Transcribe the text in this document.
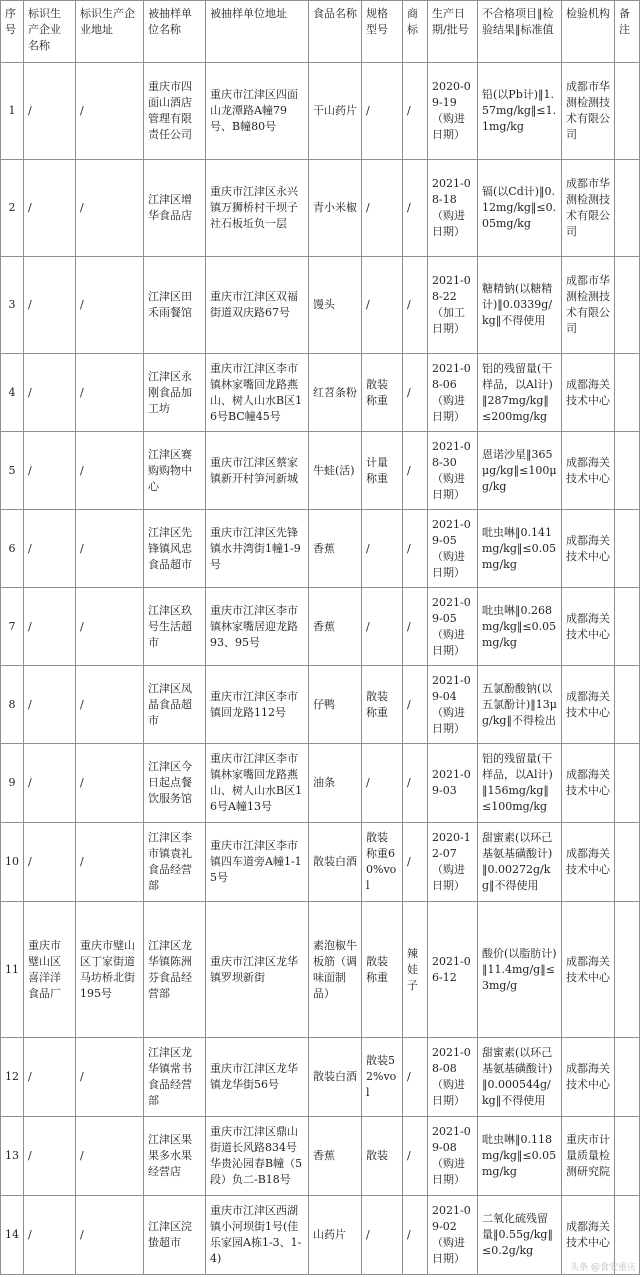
序号	标识生产企业名称	标识生产企业地址	被抽样单位名称	被抽样单位地址	食品名称	规格型号	商标	生产日期/批号	不合格项目‖检验结果‖标准值	检验机构	备注
1	/	/	重庆市四面山酒店管理有限责任公司	重庆市江津区四面山龙潭路A幢79号、B幢80号	干山药片	/	/	2020-09-19（购进日期）	铅(以Pb计)‖1.57mg/kg‖≤1.1mg/kg	成都市华测检测技术有限公司	
2	/	/	江津区增华食品店	重庆市江津区永兴镇万狮桥村干坝子社石板坵负一层	青小米椒	/	/	2021-08-18（购进日期）	镉(以Cd计)‖0.12mg/kg‖≤0.05mg/kg	成都市华测检测技术有限公司	
3	/	/	江津区田禾雨餐馆	重庆市江津区双福街道双庆路67号	馒头	/	/	2021-08-22（加工日期）	糖精钠(以糖精计)‖0.0339g/kg‖不得使用	成都市华测检测技术有限公司	
4	/	/	江津区永刚食品加工坊	重庆市江津区李市镇林家嘴回龙路燕山、树人山水B区16号BC幢45号	红苕条粉	散装称重	/	2021-08-06（购进日期）	铝的残留量(干样品，以Al计)‖287mg/kg‖≤200mg/kg	成都海关技术中心	
5	/	/	江津区赛购购物中心	重庆市江津区蔡家镇新开村笋河新城	牛蛙(活)	计量称重	/	2021-08-30（购进日期）	恩诺沙星‖365μg/kg‖≤100μg/kg	成都海关技术中心	
6	/	/	江津区先锋镇风忠食品超市	重庆市江津区先锋镇水井湾街1幢1-9号	香蕉	/	/	2021-09-05（购进日期）	吡虫啉‖0.141mg/kg‖≤0.05mg/kg	成都海关技术中心	
7	/	/	江津区玖号生活超市	重庆市江津区李市镇林家嘴居迎龙路93、95号	香蕉	/	/	2021-09-05（购进日期）	吡虫啉‖0.268mg/kg‖≤0.05mg/kg	成都海关技术中心	
8	/	/	江津区凤晶食品超市	重庆市江津区李市镇回龙路112号	仔鸭	散装称重	/	2021-09-04（购进日期）	五氯酚酸钠(以五氯酚计)‖13μg/kg‖不得检出	成都海关技术中心	
9	/	/	江津区今日起点餐饮服务馆	重庆市江津区李市镇林家嘴回龙路燕山、树人山水B区16号A幢13号	油条	/	/	2021-09-03	铝的残留量(干样品，以Al计)‖156mg/kg‖≤100mg/kg	成都海关技术中心	
10	/	/	江津区李市镇袁礼食品经营部	重庆市江津区李市镇四车道旁A幢1-15号	散装白酒	散装称重60%vol	/	2020-12-07（购进日期）	甜蜜素(以环己基氨基磺酸计)‖0.00272g/kg‖不得使用	成都海关技术中心	
11	重庆市璧山区喜洋洋食品厂	重庆市璧山区丁家街道马坊桥北街195号	江津区龙华镇陈洲芬食品经营部	重庆市江津区龙华镇罗坝新街	素泡椒牛板筋（调味面制品）	散装称重	辣娃子	2021-06-12	酸价(以脂肪计)‖11.4mg/g‖≤3mg/g	成都海关技术中心	
12	/	/	江津区龙华镇常书食品经营部	重庆市江津区龙华镇龙华街56号	散装白酒	散装52%vol	/	2021-08-08（购进日期）	甜蜜素(以环己基氨基磺酸计)‖0.000544g/kg‖不得使用	成都海关技术中心	
13	/	/	江津区果果多水果经营店	重庆市江津区鼎山街道长风路834号华贵沁园春B幢（5段）负二-B18号	香蕉	散装	/	2021-09-08（购进日期）	吡虫啉‖0.118mg/kg‖≤0.05mg/kg	重庆市计量质量检测研究院	
14	/	/	江津区浣蛰超市	重庆市江津区西湖镇小河坝街1号(佳乐家园A栋1-3、1-4)	山药片	/	/	2021-09-02（购进日期）	二氧化硫残留量‖0.55g/kg‖≤0.2g/kg	成都海关技术中心	
头条 @食安重庆
